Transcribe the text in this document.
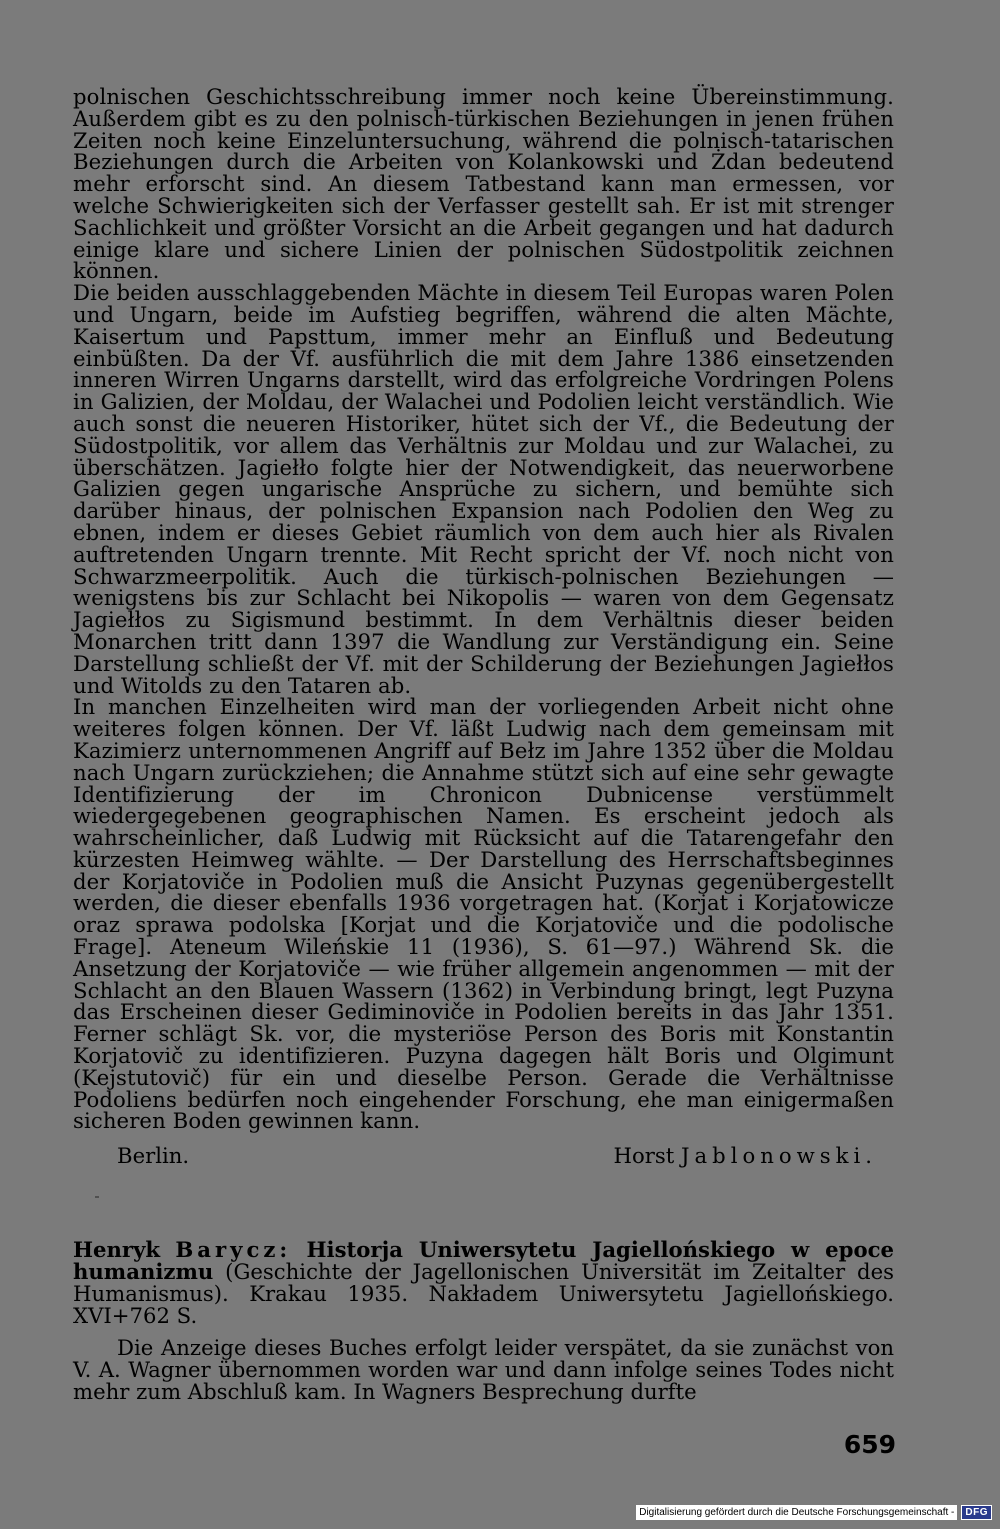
polnischen Geschichtsschreibung immer noch keine Übereinstimmung. Außerdem gibt es zu den polnisch-türkischen Beziehungen in jenen frühen Zeiten noch keine Einzeluntersuchung, während die polnisch-tatarischen Beziehungen durch die Arbeiten von Kolankowski und Żdan bedeutend mehr erforscht sind. An diesem Tatbestand kann man ermessen, vor welche Schwierigkeiten sich der Verfasser gestellt sah. Er ist mit strenger Sachlichkeit und größter Vorsicht an die Arbeit gegangen und hat dadurch einige klare und sichere Linien der polnischen Südostpolitik zeichnen können.

Die beiden ausschlaggebenden Mächte in diesem Teil Europas waren Polen und Ungarn, beide im Aufstieg begriffen, während die alten Mächte, Kaisertum und Papsttum, immer mehr an Einfluß und Bedeutung einbüßten. Da der Vf. ausführlich die mit dem Jahre 1386 einsetzenden inneren Wirren Ungarns darstellt, wird das erfolgreiche Vordringen Polens in Galizien, der Moldau, der Walachei und Podolien leicht verständlich. Wie auch sonst die neueren Historiker, hütet sich der Vf., die Bedeutung der Südostpolitik, vor allem das Verhältnis zur Moldau und zur Walachei, zu überschätzen. Jagiełło folgte hier der Notwendigkeit, das neuerworbene Galizien gegen ungarische Ansprüche zu sichern, und bemühte sich darüber hinaus, der polnischen Expansion nach Podolien den Weg zu ebnen, indem er dieses Gebiet räumlich von dem auch hier als Rivalen auftretenden Ungarn trennte. Mit Recht spricht der Vf. noch nicht von Schwarzmeerpolitik. Auch die türkisch-polnischen Beziehungen — wenigstens bis zur Schlacht bei Nikopolis — waren von dem Gegensatz Jagiełłos zu Sigismund bestimmt. In dem Verhältnis dieser beiden Monarchen tritt dann 1397 die Wandlung zur Verständigung ein. Seine Darstellung schließt der Vf. mit der Schilderung der Beziehungen Jagiełłos und Witolds zu den Tataren ab.

In manchen Einzelheiten wird man der vorliegenden Arbeit nicht ohne weiteres folgen können. Der Vf. läßt Ludwig nach dem gemeinsam mit Kazimierz unternommenen Angriff auf Bełz im Jahre 1352 über die Moldau nach Ungarn zurückziehen; die Annahme stützt sich auf eine sehr gewagte Identifizierung der im Chronicon Dubnicense verstümmelt wiedergegebenen geographischen Namen. Es erscheint jedoch als wahrscheinlicher, daß Ludwig mit Rücksicht auf die Tatarengefahr den kürzesten Heimweg wählte. — Der Darstellung des Herrschaftsbeginnes der Korjatoviče in Podolien muß die Ansicht Puzynas gegenübergestellt werden, die dieser ebenfalls 1936 vorgetragen hat. (Korjat i Korjatowicze oraz sprawa podolska [Korjat und die Korjatoviče und die podolische Frage]. Ateneum Wileńskie 11 (1936), S. 61—97.) Während Sk. die Ansetzung der Korjatoviče — wie früher allgemein angenommen — mit der Schlacht an den Blauen Wassern (1362) in Verbindung bringt, legt Puzyna das Erscheinen dieser Gediminoviče in Podolien bereits in das Jahr 1351. Ferner schlägt Sk. vor, die mysteriöse Person des Boris mit Konstantin Korjatovič zu identifizieren. Puzyna dagegen hält Boris und Olgimunt (Kejstutovič) für ein und dieselbe Person. Gerade die Verhältnisse Podoliens bedürfen noch eingehender Forschung, ehe man einigermaßen sicheren Boden gewinnen kann.

Berlin.	Horst Jablonowski.
Henryk Barycz: Historja Uniwersytetu Jagiellońskiego w epoce humanizmu (Geschichte der Jagellonischen Universität im Zeitalter des Humanismus). Krakau 1935. Nakładem Uniwersytetu Jagiellońskiego. XVI+762 S.

Die Anzeige dieses Buches erfolgt leider verspätet, da sie zunächst von V. A. Wagner übernommen worden war und dann infolge seines Todes nicht mehr zum Abschluß kam. In Wagners Besprechung durfte

659
Digitalisierung gefördert durch die Deutsche Forschungsgemeinschaft -	DFG
